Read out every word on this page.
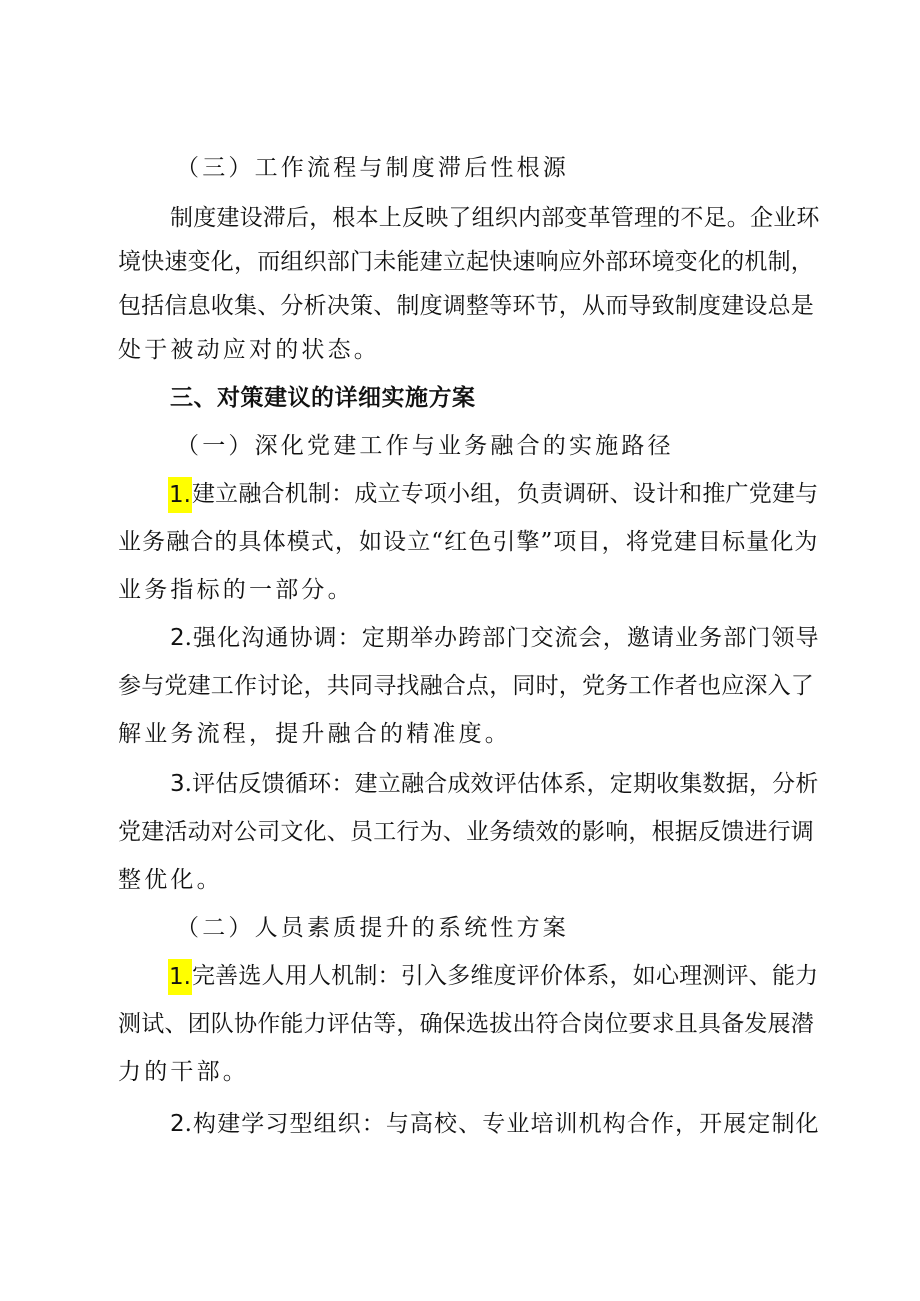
（三）工作流程与制度滞后性根源
制度建设滞后，根本上反映了组织内部变革管理的不足。企业环
境快速变化，而组织部门未能建立起快速响应外部环境变化的机制，
包括信息收集、分析决策、制度调整等环节，从而导致制度建设总是
处于被动应对的状态。
三、对策建议的详细实施方案
（一）深化党建工作与业务融合的实施路径
1.建立融合机制：成立专项小组，负责调研、设计和推广党建与
业务融合的具体模式，如设立“红色引擎”项目，将党建目标量化为
业务指标的一部分。
2.强化沟通协调：定期举办跨部门交流会，邀请业务部门领导
参与党建工作讨论，共同寻找融合点，同时，党务工作者也应深入了
解业务流程，提升融合的精准度。
3.评估反馈循环：建立融合成效评估体系，定期收集数据，分析
党建活动对公司文化、员工行为、业务绩效的影响，根据反馈进行调
整优化。
（二）人员素质提升的系统性方案
1.完善选人用人机制：引入多维度评价体系，如心理测评、能力
测试、团队协作能力评估等，确保选拔出符合岗位要求且具备发展潜
力的干部。
2.构建学习型组织：与高校、专业培训机构合作，开展定制化
